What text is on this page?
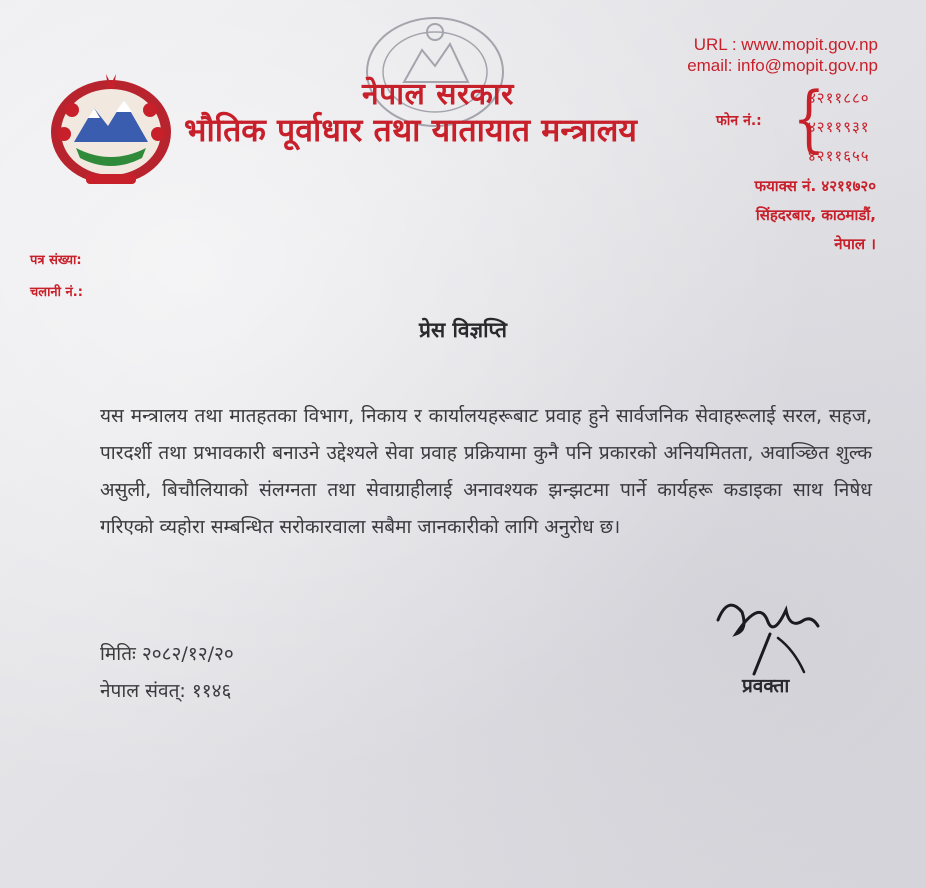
नेपाल सरकार
भौतिक पूर्वाधार तथा यातायात मन्त्रालय
URL : www.mopit.gov.np
email: info@mopit.gov.np
फोन नं.: {
४२११८८०
४२११९३१
४२११६५५
फयाक्स नं. ४२११७२०
सिंहदरबार, काठमाडौं,
नेपाल ।
पत्र संख्या:
चलानी नं.:
प्रेस विज्ञप्ति
यस मन्त्रालय तथा मातहतका विभाग, निकाय र कार्यालयहरूबाट प्रवाह हुने सार्वजनिक सेवाहरूलाई सरल, सहज, पारदर्शी तथा प्रभावकारी बनाउने उद्देश्यले सेवा प्रवाह प्रक्रियामा कुनै पनि प्रकारको अनियमितता, अवाञ्छित शुल्क असुली, बिचौलियाको संलग्नता तथा सेवाग्राहीलाई अनावश्यक झन्झटमा पार्ने कार्यहरू कडाइका साथ निषेध गरिएको व्यहोरा सम्बन्धित सरोकारवाला सबैमा जानकारीको लागि अनुरोध छ।
मितिः २०८२/१२/२०
नेपाल संवत्: ११४६	प्रवक्ता
